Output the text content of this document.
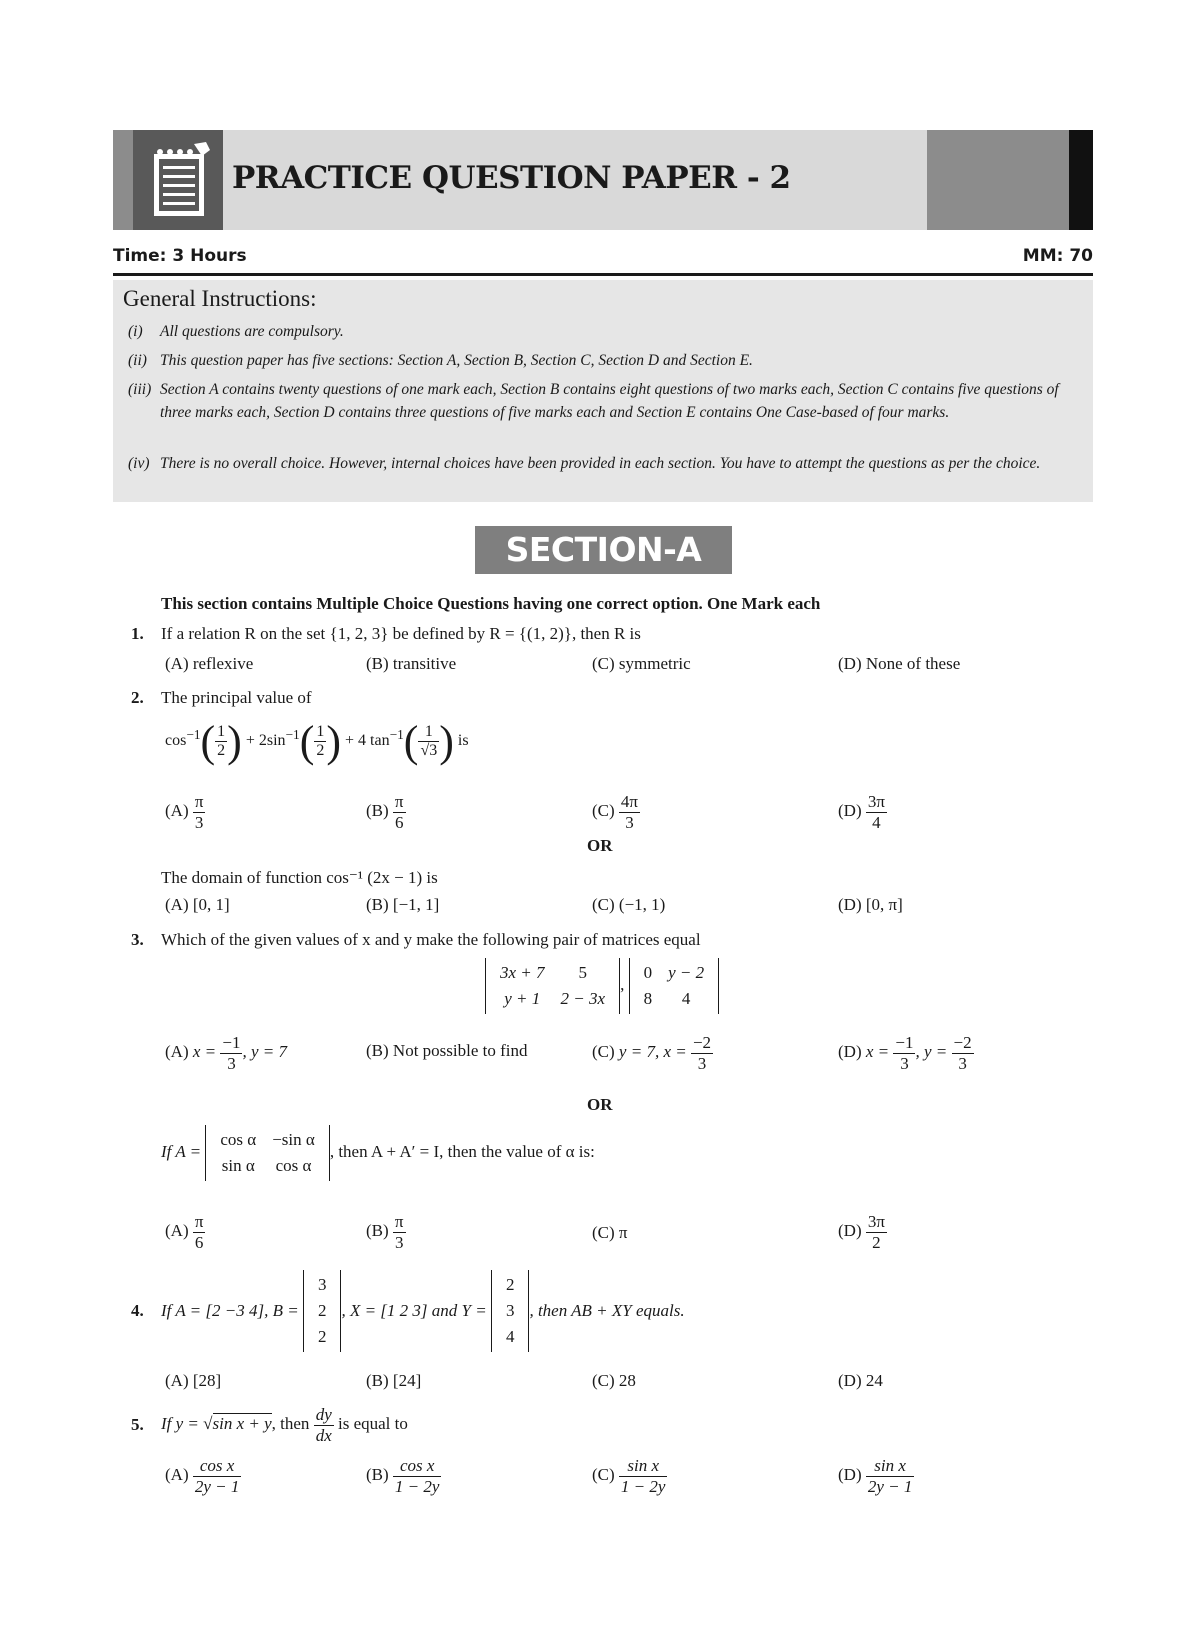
PRACTICE QUESTION PAPER - 2
Time: 3 Hours	MM: 70
General Instructions:
(i) All questions are compulsory.
(ii) This question paper has five sections: Section A, Section B, Section C, Section D and Section E.
(iii) Section A contains twenty questions of one mark each, Section B contains eight questions of two marks each, Section C contains five questions of three marks each, Section D contains three questions of five marks each and Section E contains One Case-based of four marks.
(iv) There is no overall choice. However, internal choices have been provided in each section. You have to attempt the questions as per the choice.
SECTION-A
This section contains Multiple Choice Questions having one correct option. One Mark each
1. If a relation R on the set {1, 2, 3} be defined by R = {(1, 2)}, then R is
(A) reflexive	(B) transitive	(C) symmetric	(D) None of these
2. The principal value of
$\cos^{-1}( \frac{1}{2}$ ) + $2\sin^{-1}( \frac{1}{2}$ ) + 4 $\tan^{-1}( \frac{1}{√3}$ ) is
$(A) \frac{\pi}{3}$	$(B) \frac{\pi}{6}$	$(C) \frac{4\pi}{3}$	$(D) \frac{3\pi}{4}$
OR
The domain of function cos⁻¹ (2x − 1) is
(A) [0, 1]	(B) [−1, 1]	(C) (−1, 1)	(D) [0, π]
3. Which of the given values of x and y make the following pair of matrices equal
3x + 7	5
y + 1	2 − 3x
,
0	y − 2
8	4
(A) $x = \frac{-1}{3}$ , y = 7	(B) Not possible to find	(C) y = 7, $x = \frac{-2}{3}$	(D) $x = \frac{-1}{3}$ , $y = \frac{-2}{3}$
OR
If A =
cos α	−sin α
sin α	cos α
, then A + A′ = I, then the value of α is:
$(A) \frac{\pi}{6}$	$(B) \frac{\pi}{3}$	(C) π	$(D) \frac{3\pi}{2}$
4. If A = [2 −3 4], B =

3
2
2
, X = [1 2 3] and Y =

2
3
4
, then AB + XY equals.
(A) [28]	(B) [24]	(C) 28	(D) 24
5. If y = √sin x + y, then $\frac{dy}{dx}$ is equal to
$(A) \frac{\text{cos x}}{2y - 1}$	$(B) \frac{\text{cos x}}{1 - 2y}$	$(C) \frac{\text{sin x}}{1 - 2y}$	$(D) \frac{\text{sin x}}{2y - 1}$
